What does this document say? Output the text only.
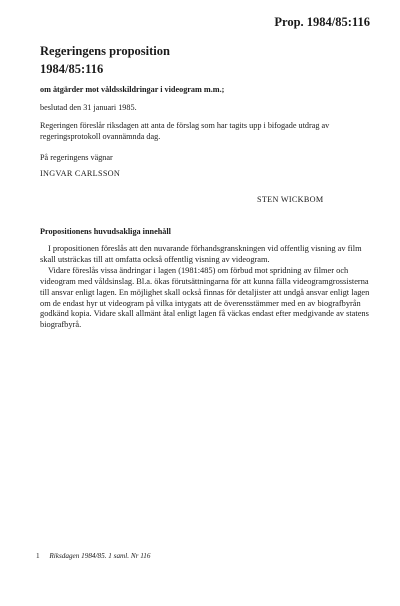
Prop. 1984/85:116
Regeringens proposition
1984/85:116
om åtgärder mot våldsskildringar i videogram m.m.;
beslutad den 31 januari 1985.
Regeringen föreslår riksdagen att anta de förslag som har tagits upp i bifogade utdrag av regeringsprotokoll ovannämnda dag.
På regeringens vägnar
INGVAR CARLSSON
STEN WICKBOM
Propositionens huvudsakliga innehåll

I propositionen föreslås att den nuvarande förhandsgranskningen vid offentlig visning av film skall utsträckas till att omfatta också offentlig visning av videogram.

Vidare föreslås vissa ändringar i lagen (1981:485) om förbud mot spridning av filmer och videogram med våldsinslag. Bl.a. ökas förutsättningarna för att kunna fälla videogramgrossisterna till ansvar enligt lagen. En möjlighet skall också finnas för detaljister att undgå ansvar enligt lagen om de endast hyr ut videogram på vilka intygats att de överensstämmer med en av biografbyrån godkänd kopia. Vidare skall allmänt åtal enligt lagen få väckas endast efter medgivande av statens biografbyrå.

1 Riksdagen 1984/85. 1 saml. Nr 116
